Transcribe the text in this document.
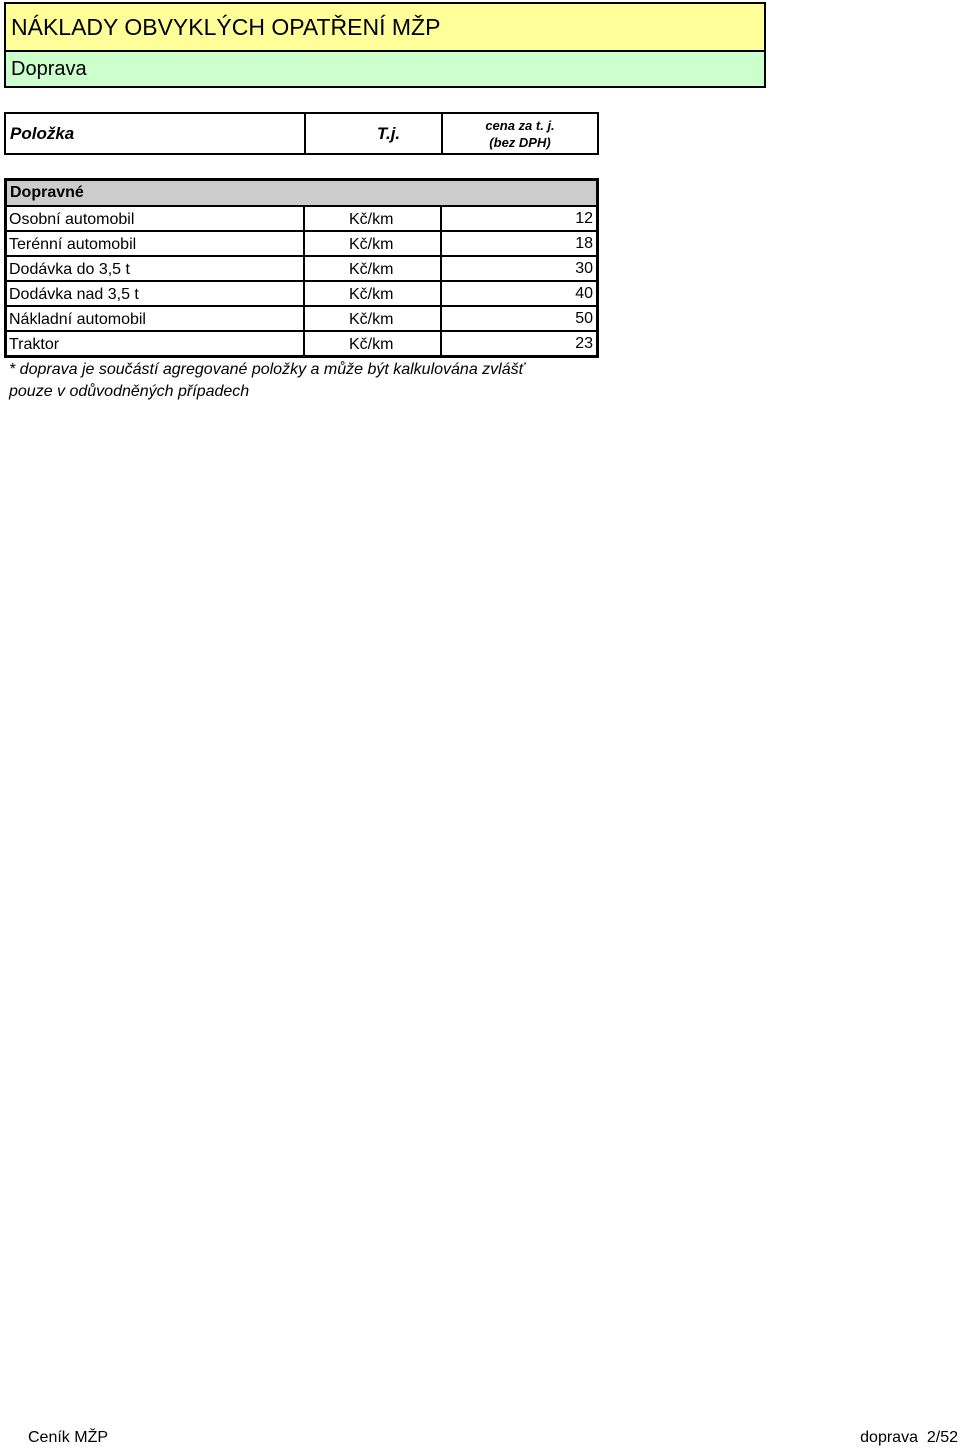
NÁKLADY OBVYKLÝCH OPATŘENÍ MŽP
Doprava
Položka	T.j.	cena za t. j.
(bez DPH)
Dopravné
Osobní automobil	Kč/km	12
Terénní automobil	Kč/km	18
Dodávka do 3,5 t	Kč/km	30
Dodávka nad 3,5 t	Kč/km	40
Nákladní automobil	Kč/km	50
Traktor	Kč/km	23
* doprava je součástí agregované položky a může být kalkulována zvlášť
pouze v odůvodněných případech
Ceník MŽP	doprava  2/52
